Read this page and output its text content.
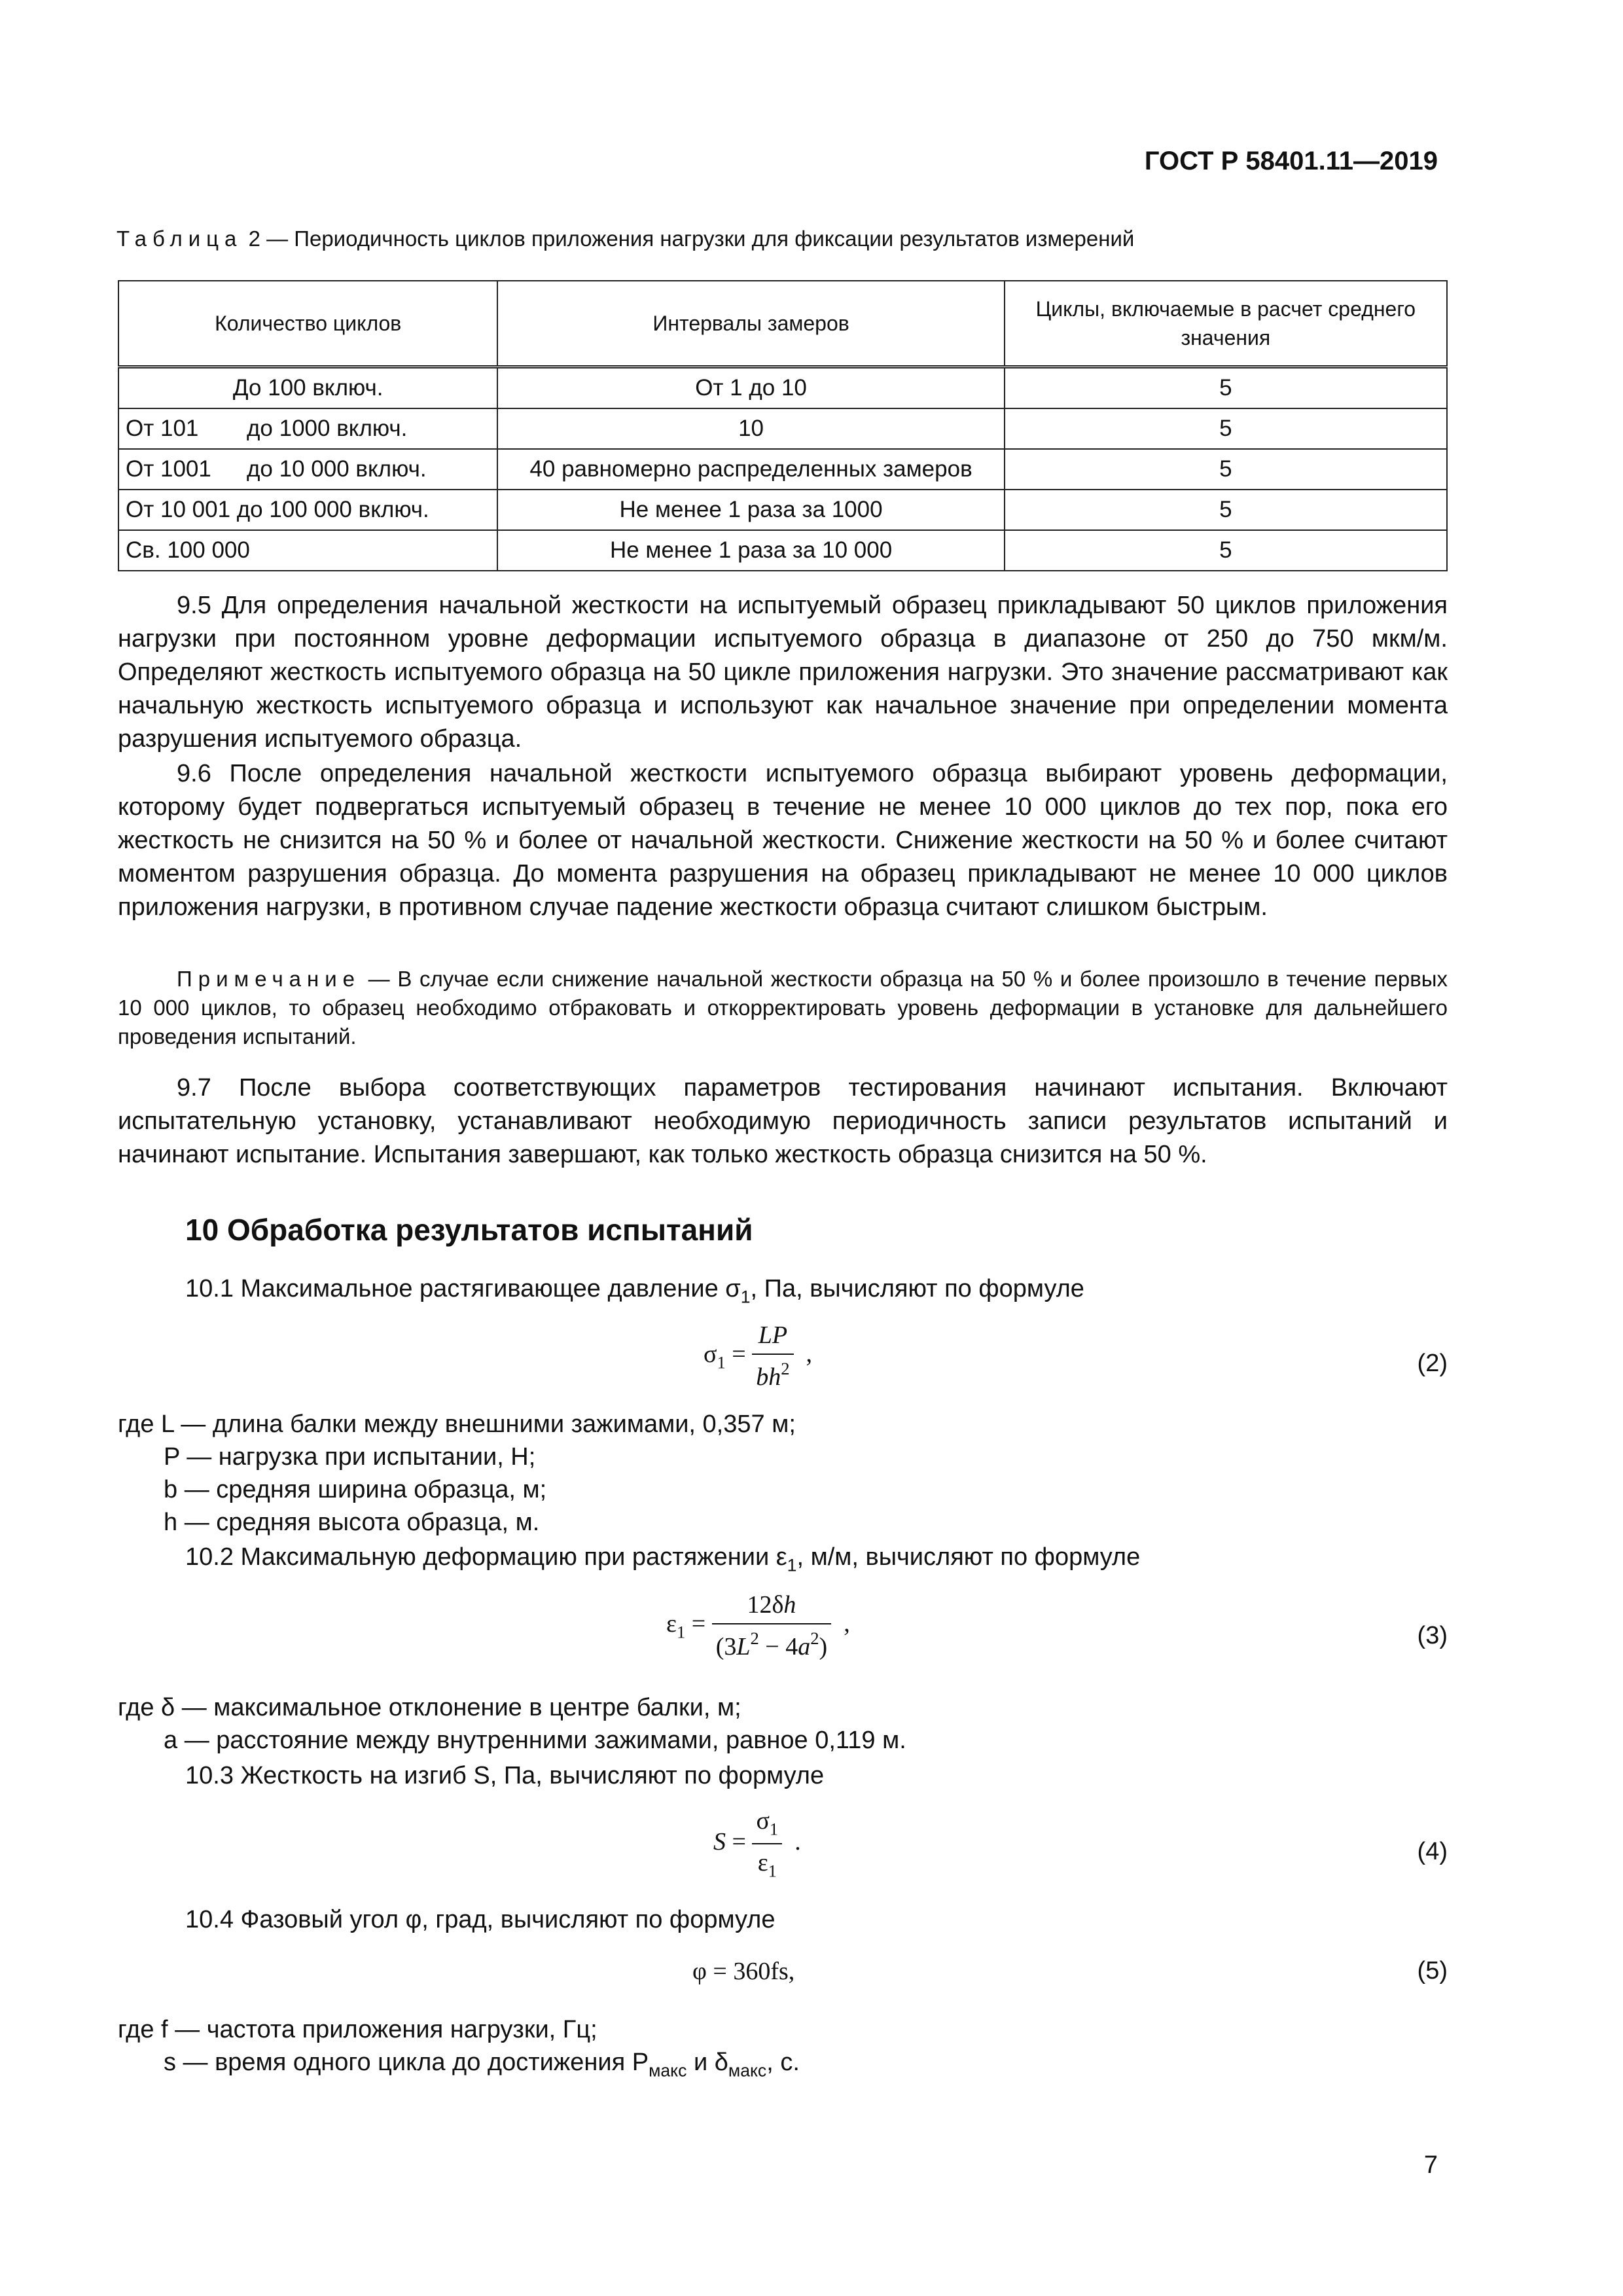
ГОСТ Р 58401.11—2019
Таблица 2 — Периодичность циклов приложения нагрузки для фиксации результатов измерений
Количество циклов	Интервалы замеров	Циклы, включаемые в расчет среднего значения
До 100 включ.	От 1 до 10	5
От 101 до 1000 включ.	10	5
От 1001 до 10 000 включ.	40 равномерно распределенных замеров	5
От 10 001 до 100 000 включ.	Не менее 1 раза за 1000	5
Св. 100 000	Не менее 1 раза за 10 000	5

9.5 Для определения начальной жесткости на испытуемый образец прикладывают 50 циклов приложения нагрузки при постоянном уровне деформации испытуемого образца в диапазоне от 250 до 750 мкм/м. Определяют жесткость испытуемого образца на 50 цикле приложения нагрузки. Это значение рассматривают как начальную жесткость испытуемого образца и используют как начальное значение при определении момента разрушения испытуемого образца.

9.6 После определения начальной жесткости испытуемого образца выбирают уровень деформации, которому будет подвергаться испытуемый образец в течение не менее 10 000 циклов до тех пор, пока его жесткость не снизится на 50 % и более от начальной жесткости. Снижение жесткости на 50 % и более считают моментом разрушения образца. До момента разрушения на образец прикладывают не менее 10 000 циклов приложения нагрузки, в противном случае падение жесткости образца считают слишком быстрым.

Примечание — В случае если снижение начальной жесткости образца на 50 % и более произошло в течение первых 10 000 циклов, то образец необходимо отбраковать и откорректировать уровень деформации в установке для дальнейшего проведения испытаний.

9.7 После выбора соответствующих параметров тестирования начинают испытания. Включают испытательную установку, устанавливают необходимую периодичность записи результатов испытаний и начинают испытание. Испытания завершают, как только жесткость образца снизится на 50 %.

10 Обработка результатов испытаний
10.1 Максимальное растягивающее давление $\sigma_1$, Па, вычисляют по формуле
$\sigma_1 = \frac{LP}{bh^2}$ ,	(2)
где L — длина балки между внешними зажимами, 0,357 м;
P — нагрузка при испытании, Н;
b — средняя ширина образца, м;
h — средняя высота образца, м.
10.2 Максимальную деформацию при растяжении $\varepsilon_1$, м/м, вычисляют по формуле
$\varepsilon_1 = \frac{12\delta h}{(3L^2 - 4a^2)}$ ,	(3)
где δ — максимальное отклонение в центре балки, м;
a — расстояние между внутренними зажимами, равное 0,119 м.
10.3 Жесткость на изгиб S, Па, вычисляют по формуле
$S = \frac{\sigma_1}{\varepsilon_1}$ .	(4)
10.4 Фазовый угол φ, град, вычисляют по формуле
φ = 360fs,	(5)
где f — частота приложения нагрузки, Гц;
s — время одного цикла до достижения $P_{макс}$ и $\delta_{макс}$, с.
7
